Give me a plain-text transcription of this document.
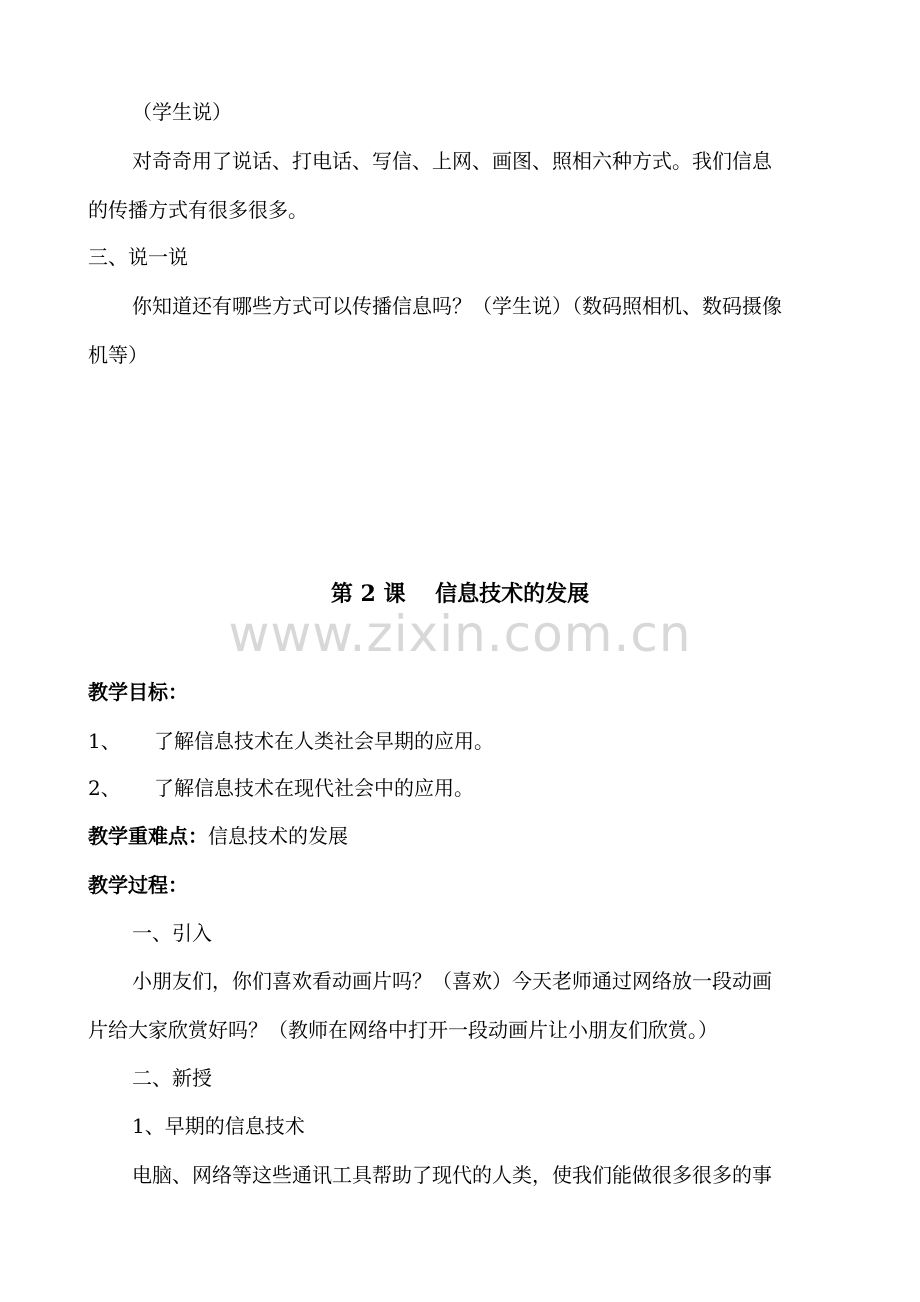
（学生说）
对奇奇用了说话、打电话、写信、上网、画图、照相六种方式。我们信息
的传播方式有很多很多。
三、说一说
你知道还有哪些方式可以传播信息吗？（学生说）（数码照相机、数码摄像
机等）
第 2 课　 信息技术的发展
www.zixin.com.cn
教学目标：
1、 了解信息技术在人类社会早期的应用。
2、 了解信息技术在现代社会中的应用。
教学重难点：信息技术的发展
教学过程：
一、引入
小朋友们，你们喜欢看动画片吗？（喜欢）今天老师通过网络放一段动画
片给大家欣赏好吗？（教师在网络中打开一段动画片让小朋友们欣赏。）
二、新授
1、早期的信息技术
电脑、网络等这些通讯工具帮助了现代的人类，使我们能做很多很多的事
